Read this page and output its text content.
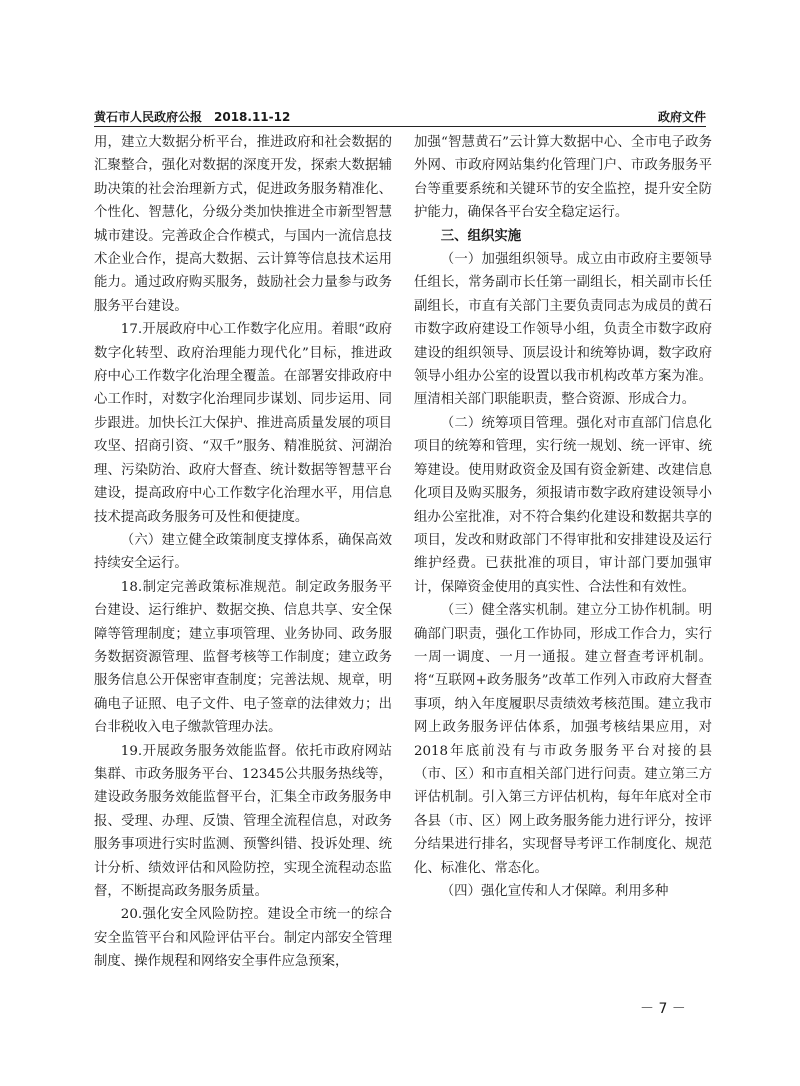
黄石市人民政府公报　2018.11-12	政府文件

用，建立大数据分析平台，推进政府和社会数据的汇聚整合，强化对数据的深度开发，探索大数据辅助决策的社会治理新方式，促进政务服务精准化、个性化、智慧化，分级分类加快推进全市新型智慧城市建设。完善政企合作模式，与国内一流信息技术企业合作，提高大数据、云计算等信息技术运用能力。通过政府购买服务，鼓励社会力量参与政务服务平台建设。

17.开展政府中心工作数字化应用。着眼“政府数字化转型、政府治理能力现代化”目标，推进政府中心工作数字化治理全覆盖。在部署安排政府中心工作时，对数字化治理同步谋划、同步运用、同步跟进。加快长江大保护、推进高质量发展的项目攻坚、招商引资、“双千”服务、精准脱贫、河湖治理、污染防治、政府大督查、统计数据等智慧平台建设，提高政府中心工作数字化治理水平，用信息技术提高政务服务可及性和便捷度。

（六）建立健全政策制度支撑体系，确保高效持续安全运行。

18.制定完善政策标准规范。制定政务服务平台建设、运行维护、数据交换、信息共享、安全保障等管理制度；建立事项管理、业务协同、政务服务数据资源管理、监督考核等工作制度；建立政务服务信息公开保密审查制度；完善法规、规章，明确电子证照、电子文件、电子签章的法律效力；出台非税收入电子缴款管理办法。

19.开展政务服务效能监督。依托市政府网站集群、市政务服务平台、12345公共服务热线等，建设政务服务效能监督平台，汇集全市政务服务申报、受理、办理、反馈、管理全流程信息，对政务服务事项进行实时监测、预警纠错、投诉处理、统计分析、绩效评估和风险防控，实现全流程动态监督，不断提高政务服务质量。

20.强化安全风险防控。建设全市统一的综合安全监管平台和风险评估平台。制定内部安全管理制度、操作规程和网络安全事件应急预案，

加强“智慧黄石”云计算大数据中心、全市电子政务外网、市政府网站集约化管理门户、市政务服务平台等重要系统和关键环节的安全监控，提升安全防护能力，确保各平台安全稳定运行。

三、组织实施

（一）加强组织领导。成立由市政府主要领导任组长，常务副市长任第一副组长，相关副市长任副组长，市直有关部门主要负责同志为成员的黄石市数字政府建设工作领导小组，负责全市数字政府建设的组织领导、顶层设计和统筹协调，数字政府领导小组办公室的设置以我市机构改革方案为准。厘清相关部门职能职责，整合资源、形成合力。

（二）统筹项目管理。强化对市直部门信息化项目的统筹和管理，实行统一规划、统一评审、统筹建设。使用财政资金及国有资金新建、改建信息化项目及购买服务，须报请市数字政府建设领导小组办公室批准，对不符合集约化建设和数据共享的项目，发改和财政部门不得审批和安排建设及运行维护经费。已获批准的项目，审计部门要加强审计，保障资金使用的真实性、合法性和有效性。

（三）健全落实机制。建立分工协作机制。明确部门职责，强化工作协同，形成工作合力，实行一周一调度、一月一通报。建立督查考评机制。将“互联网+政务服务”改革工作列入市政府大督查事项，纳入年度履职尽责绩效考核范围。建立我市网上政务服务评估体系，加强考核结果应用，对2018年底前没有与市政务服务平台对接的县（市、区）和市直相关部门进行问责。建立第三方评估机制。引入第三方评估机构，每年年底对全市各县（市、区）网上政务服务能力进行评分，按评分结果进行排名，实现督导考评工作制度化、规范化、标准化、常态化。

（四）强化宣传和人才保障。利用多种

－ 7 －
